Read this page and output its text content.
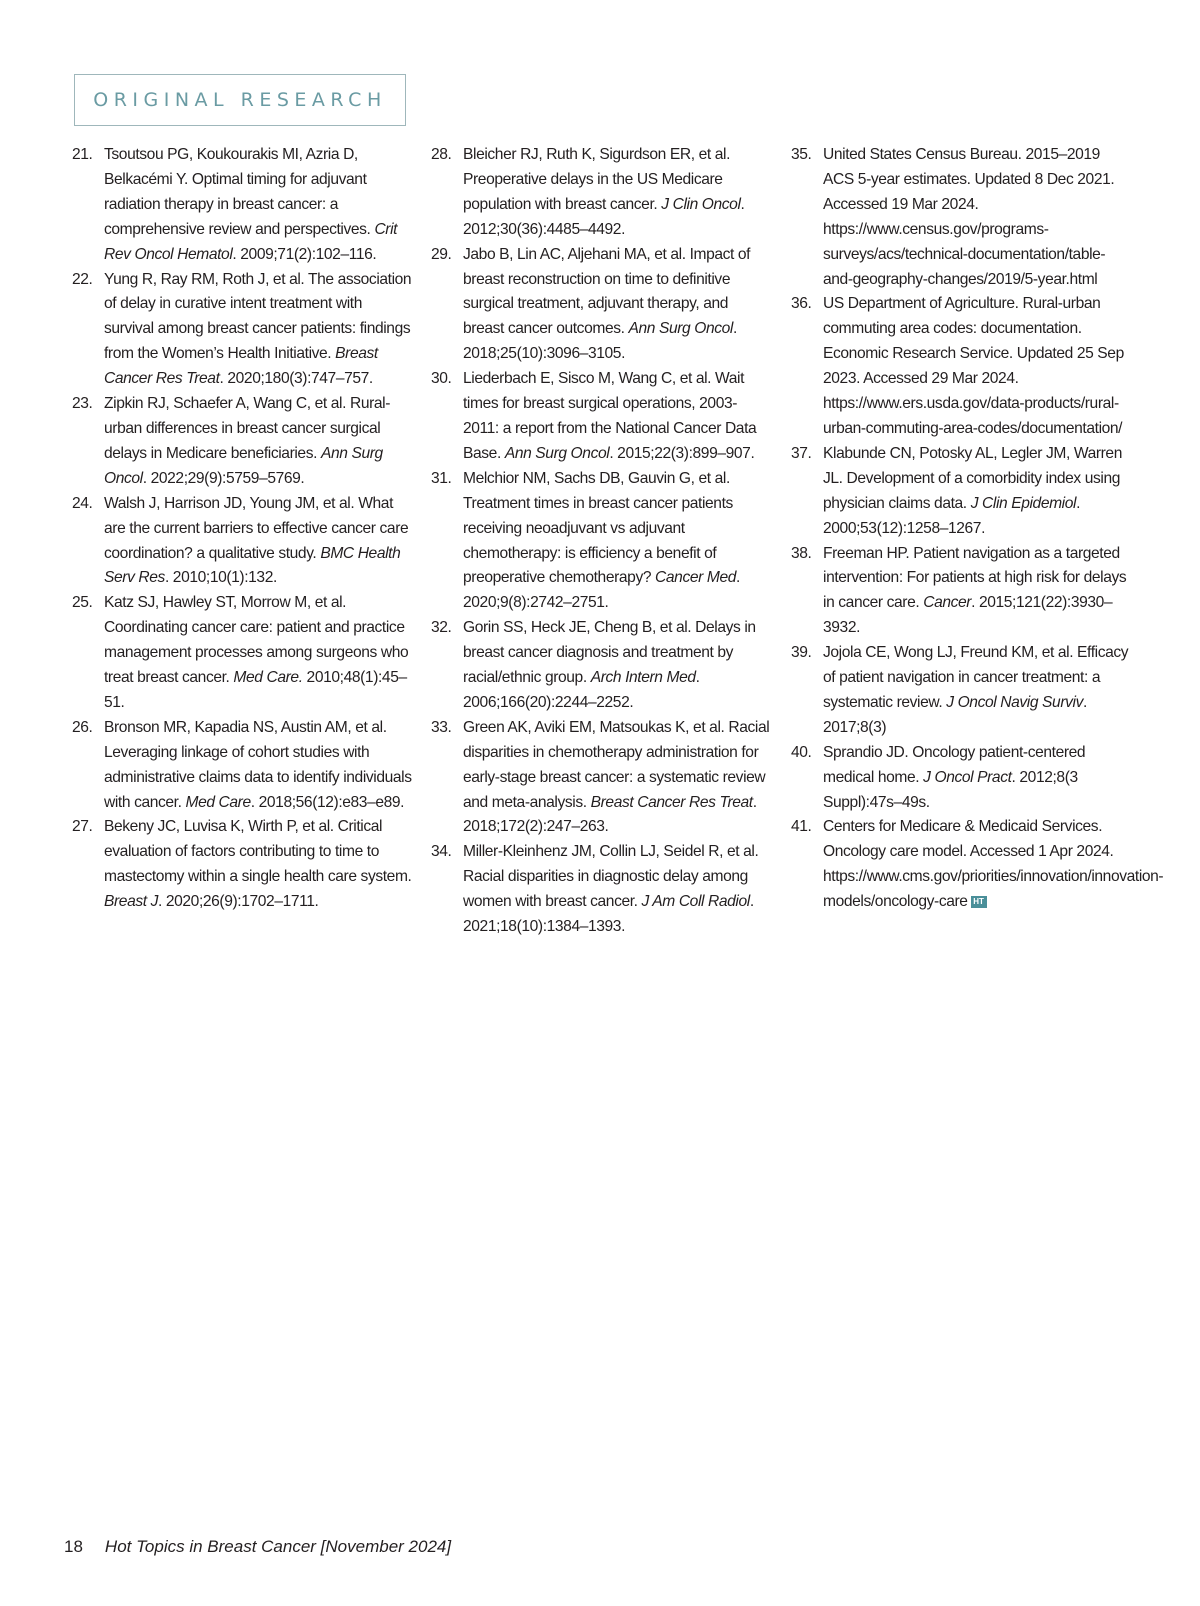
ORIGINAL RESEARCH
21. Tsoutsou PG, Koukourakis MI, Azria D, Belkacémi Y. Optimal timing for adjuvant radiation therapy in breast cancer: a comprehensive review and perspectives. Crit Rev Oncol Hematol. 2009;71(2):102–116.
22. Yung R, Ray RM, Roth J, et al. The association of delay in curative intent treatment with survival among breast cancer patients: findings from the Women’s Health Initiative. Breast Cancer Res Treat. 2020;180(3):747–757.
23. Zipkin RJ, Schaefer A, Wang C, et al. Rural-urban differences in breast cancer surgical delays in Medicare beneficiaries. Ann Surg Oncol. 2022;29(9):5759–5769.
24. Walsh J, Harrison JD, Young JM, et al. What are the current barriers to effective cancer care coordination? a qualitative study. BMC Health Serv Res. 2010;10(1):132.
25. Katz SJ, Hawley ST, Morrow M, et al. Coordinating cancer care: patient and practice management processes among surgeons who treat breast cancer. Med Care. 2010;48(1):45–51.
26. Bronson MR, Kapadia NS, Austin AM, et al. Leveraging linkage of cohort studies with administrative claims data to identify individuals with cancer. Med Care. 2018;56(12):e83–e89.
27. Bekeny JC, Luvisa K, Wirth P, et al. Critical evaluation of factors contributing to time to mastectomy within a single health care system. Breast J. 2020;26(9):1702–1711.
28. Bleicher RJ, Ruth K, Sigurdson ER, et al. Preoperative delays in the US Medicare population with breast cancer. J Clin Oncol. 2012;30(36):4485–4492.
29. Jabo B, Lin AC, Aljehani MA, et al. Impact of breast reconstruction on time to definitive surgical treatment, adjuvant therapy, and breast cancer outcomes. Ann Surg Oncol. 2018;25(10):3096–3105.
30. Liederbach E, Sisco M, Wang C, et al. Wait times for breast surgical operations, 2003-2011: a report from the National Cancer Data Base. Ann Surg Oncol. 2015;22(3):899–907.
31. Melchior NM, Sachs DB, Gauvin G, et al. Treatment times in breast cancer patients receiving neoadjuvant vs adjuvant chemotherapy: is efficiency a benefit of preoperative chemotherapy? Cancer Med. 2020;9(8):2742–2751.
32. Gorin SS, Heck JE, Cheng B, et al. Delays in breast cancer diagnosis and treatment by racial/ethnic group. Arch Intern Med. 2006;166(20):2244–2252.
33. Green AK, Aviki EM, Matsoukas K, et al. Racial disparities in chemotherapy administration for early-stage breast cancer: a systematic review and meta-analysis. Breast Cancer Res Treat. 2018;172(2):247–263.
34. Miller-Kleinhenz JM, Collin LJ, Seidel R, et al. Racial disparities in diagnostic delay among women with breast cancer. J Am Coll Radiol. 2021;18(10):1384–1393.
35. United States Census Bureau. 2015–2019 ACS 5-year estimates. Updated 8 Dec 2021. Accessed 19 Mar 2024. https://www.census.gov/programs-surveys/acs/technical-documentation/table-and-geography-changes/2019/5-year.html
36. US Department of Agriculture. Rural-urban commuting area codes: documentation. Economic Research Service. Updated 25 Sep 2023. Accessed 29 Mar 2024. https://www.ers.usda.gov/data-products/rural-urban-commuting-area-codes/documentation/
37. Klabunde CN, Potosky AL, Legler JM, Warren JL. Development of a comorbidity index using physician claims data. J Clin Epidemiol. 2000;53(12):1258–1267.
38. Freeman HP. Patient navigation as a targeted intervention: For patients at high risk for delays in cancer care. Cancer. 2015;121(22):3930–3932.
39. Jojola CE, Wong LJ, Freund KM, et al. Efficacy of patient navigation in cancer treatment: a systematic review. J Oncol Navig Surviv. 2017;8(3)
40. Sprandio JD. Oncology patient-centered medical home. J Oncol Pract. 2012;8(3 Suppl):47s–49s.
41. Centers for Medicare & Medicaid Services. Oncology care model. Accessed 1 Apr 2024. https://www.cms.gov/priorities/innovation/innovation-models/oncology-care HT
18 Hot Topics in Breast Cancer [November 2024]
